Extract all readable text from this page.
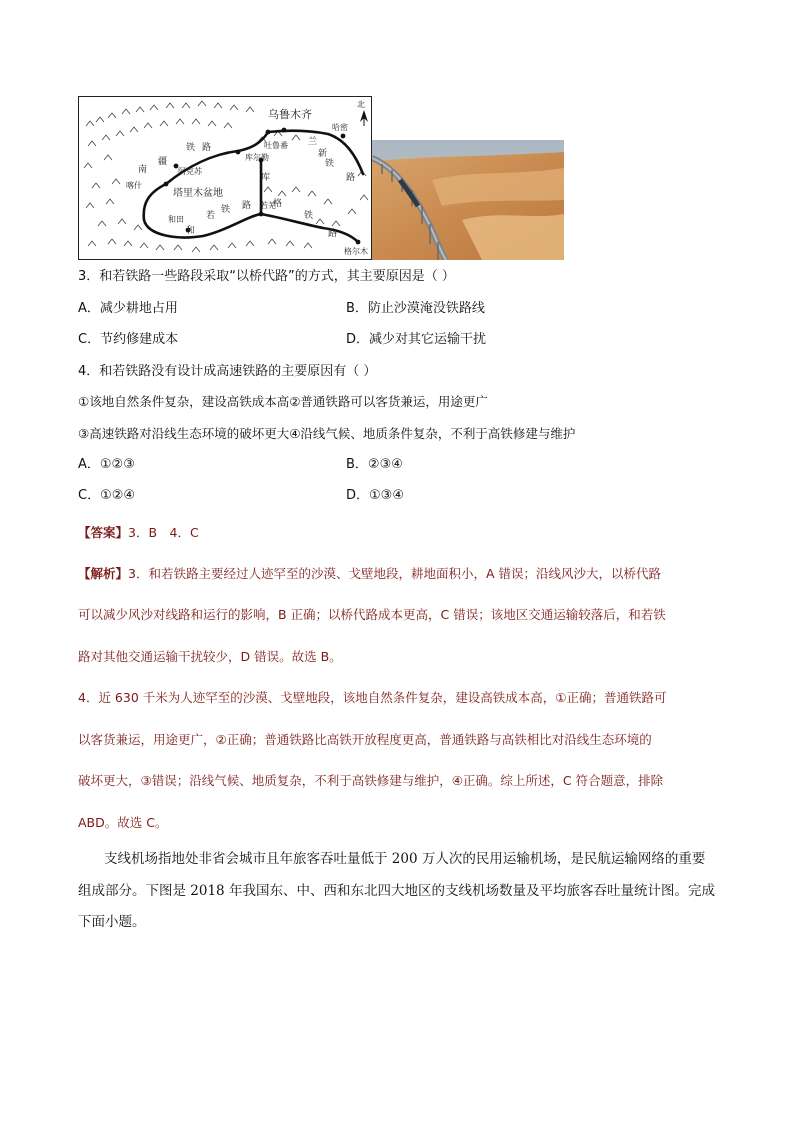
北
乌鲁木齐
哈密
吐鲁番
库尔勒
阿克苏
喀什
塔里木盆地
和田
若羌
格尔木
南
疆
铁 路
兰
新
铁
路
库
格
铁
路
和
若
铁 路
3．和若铁路一些路段采取“以桥代路”的方式，其主要原因是（ ）
A．减少耕地占用	B．防止沙漠淹没铁路线
C．节约修建成本	D．减少对其它运输干扰
4．和若铁路没有设计成高速铁路的主要原因有（ ）
①该地自然条件复杂，建设高铁成本高②普通铁路可以客货兼运，用途更广
③高速铁路对沿线生态环境的破坏更大④沿线气候、地质条件复杂，不利于高铁修建与维护
A．①②③	B．②③④
C．①②④	D．①③④
【答案】3．B　4．C
【解析】3．和若铁路主要经过人迹罕至的沙漠、戈壁地段，耕地面积小，A 错误；沿线风沙大，以桥代路
可以减少风沙对线路和运行的影响，B 正确；以桥代路成本更高，C 错误；该地区交通运输较落后，和若铁
路对其他交通运输干扰较少，D 错误。故选 B。
4．近 630 千米为人迹罕至的沙漠、戈壁地段，该地自然条件复杂，建设高铁成本高，①正确；普通铁路可
以客货兼运，用途更广，②正确；普通铁路比高铁开放程度更高，普通铁路与高铁相比对沿线生态环境的
破坏更大，③错误；沿线气候、地质复杂，不利于高铁修建与维护，④正确。综上所述，C 符合题意，排除
ABD。故选 C。
支线机场指地处非省会城市且年旅客吞吐量低于 200 万人次的民用运输机场，是民航运输网络的重要
组成部分。下图是 2018 年我国东、中、西和东北四大地区的支线机场数量及平均旅客吞吐量统计图。完成
下面小题。
